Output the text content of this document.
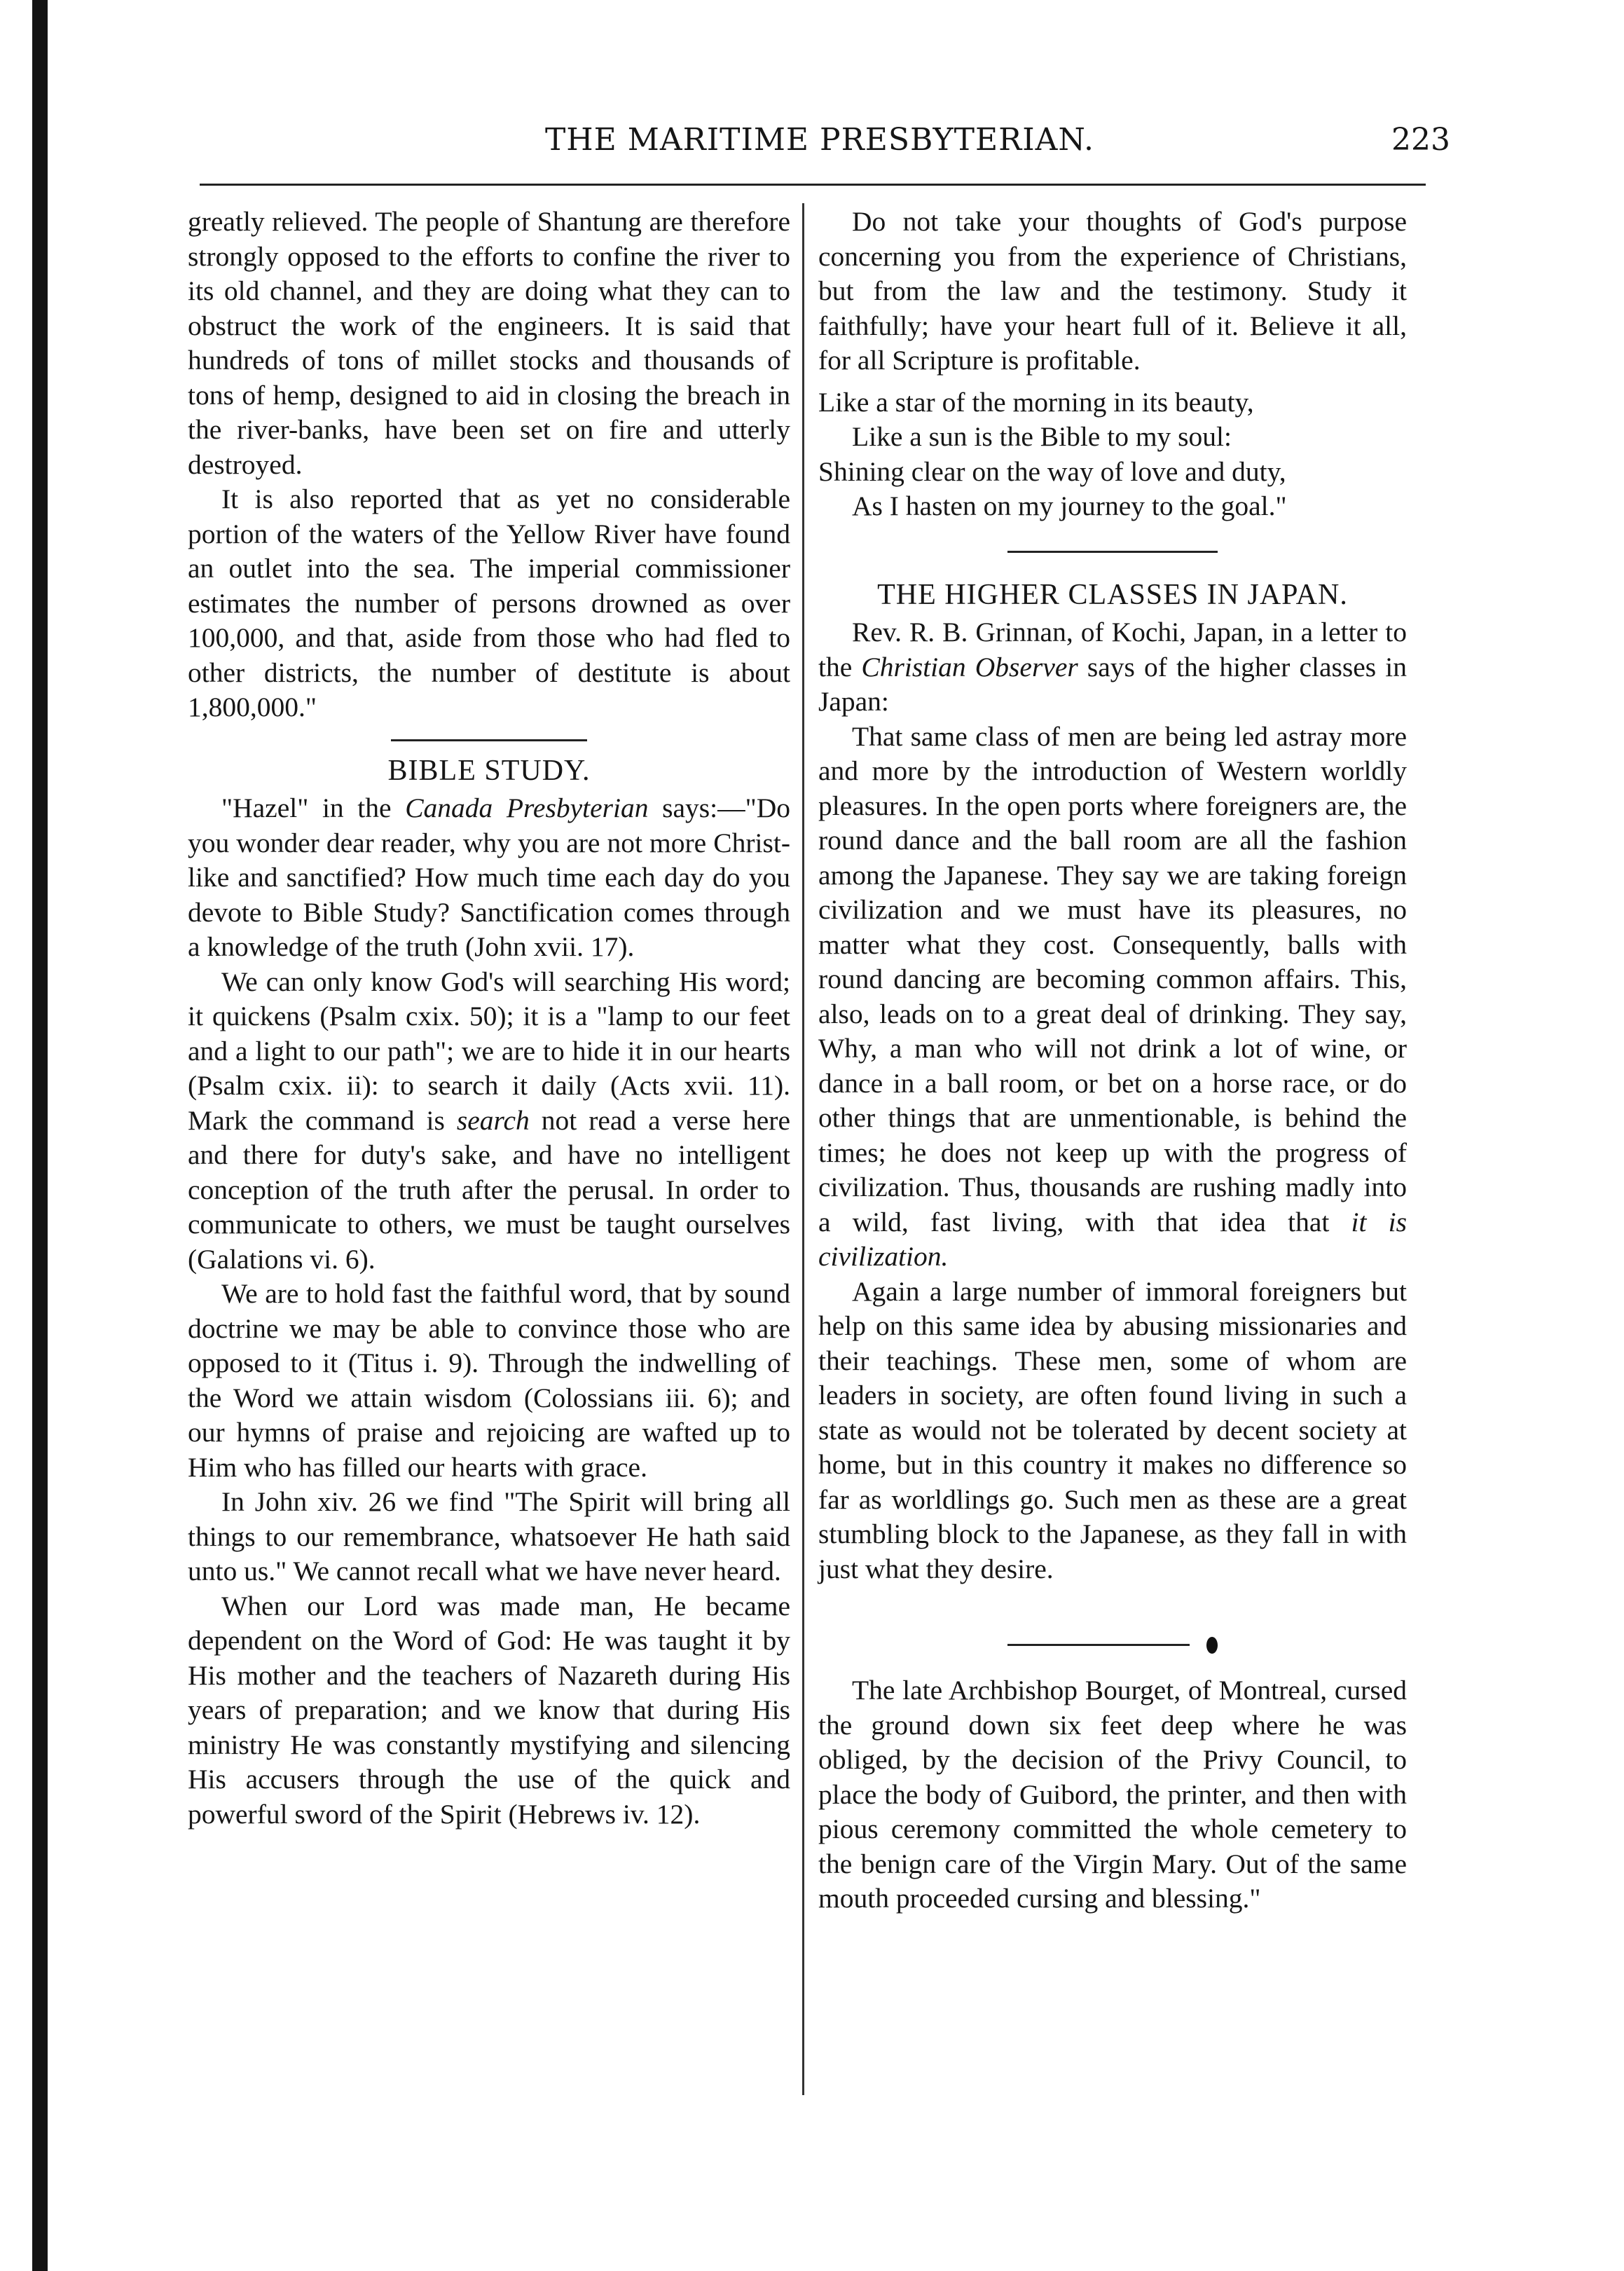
THE MARITIME PRESBYTERIAN.	223

greatly relieved. The people of Shantung are therefore strongly opposed to the efforts to confine the river to its old channel, and they are doing what they can to obstruct the work of the engineers. It is said that hundreds of tons of millet stocks and thousands of tons of hemp, designed to aid in closing the breach in the river-banks, have been set on fire and utterly destroyed.

It is also reported that as yet no considerable portion of the waters of the Yellow River have found an outlet into the sea. The imperial commissioner estimates the number of persons drowned as over 100,000, and that, aside from those who had fled to other districts, the number of destitute is about 1,800,000."

BIBLE STUDY.

"Hazel" in the Canada Presbyterian says:—"Do you wonder dear reader, why you are not more Christ-like and sanctified? How much time each day do you devote to Bible Study? Sanctification comes through a knowledge of the truth (John xvii. 17).

We can only know God's will searching His word; it quickens (Psalm cxix. 50); it is a "lamp to our feet and a light to our path"; we are to hide it in our hearts (Psalm cxix. ii): to search it daily (Acts xvii. 11). Mark the command is search not read a verse here and there for duty's sake, and have no intelligent conception of the truth after the perusal. In order to communicate to others, we must be taught ourselves (Galations vi. 6).

We are to hold fast the faithful word, that by sound doctrine we may be able to convince those who are opposed to it (Titus i. 9). Through the indwelling of the Word we attain wisdom (Colossians iii. 6); and our hymns of praise and rejoicing are wafted up to Him who has filled our hearts with grace.

In John xiv. 26 we find "The Spirit will bring all things to our remembrance, whatsoever He hath said unto us." We cannot recall what we have never heard.

When our Lord was made man, He became dependent on the Word of God: He was taught it by His mother and the teachers of Nazareth during His years of preparation; and we know that during His ministry He was constantly mystifying and silencing His accusers through the use of the quick and powerful sword of the Spirit (Hebrews iv. 12).

Do not take your thoughts of God's purpose concerning you from the experience of Christians, but from the law and the testimony. Study it faithfully; have your heart full of it. Believe it all, for all Scripture is profitable.

Like a star of the morning in its beauty,

Like a sun is the Bible to my soul:

Shining clear on the way of love and duty,

As I hasten on my journey to the goal."

THE HIGHER CLASSES IN JAPAN.

Rev. R. B. Grinnan, of Kochi, Japan, in a letter to the Christian Observer says of the higher classes in Japan:

That same class of men are being led astray more and more by the introduction of Western worldly pleasures. In the open ports where foreigners are, the round dance and the ball room are all the fashion among the Japanese. They say we are taking foreign civilization and we must have its pleasures, no matter what they cost. Consequently, balls with round dancing are becoming common affairs. This, also, leads on to a great deal of drinking. They say, Why, a man who will not drink a lot of wine, or dance in a ball room, or bet on a horse race, or do other things that are unmentionable, is behind the times; he does not keep up with the progress of civilization. Thus, thousands are rushing madly into a wild, fast living, with that idea that it is civilization.

Again a large number of immoral foreigners but help on this same idea by abusing missionaries and their teachings. These men, some of whom are leaders in society, are often found living in such a state as would not be tolerated by decent society at home, but in this country it makes no difference so far as worldlings go. Such men as these are a great stumbling block to the Japanese, as they fall in with just what they desire.

The late Archbishop Bourget, of Montreal, cursed the ground down six feet deep where he was obliged, by the decision of the Privy Council, to place the body of Guibord, the printer, and then with pious ceremony committed the whole cemetery to the benign care of the Virgin Mary. Out of the same mouth proceeded cursing and blessing."
